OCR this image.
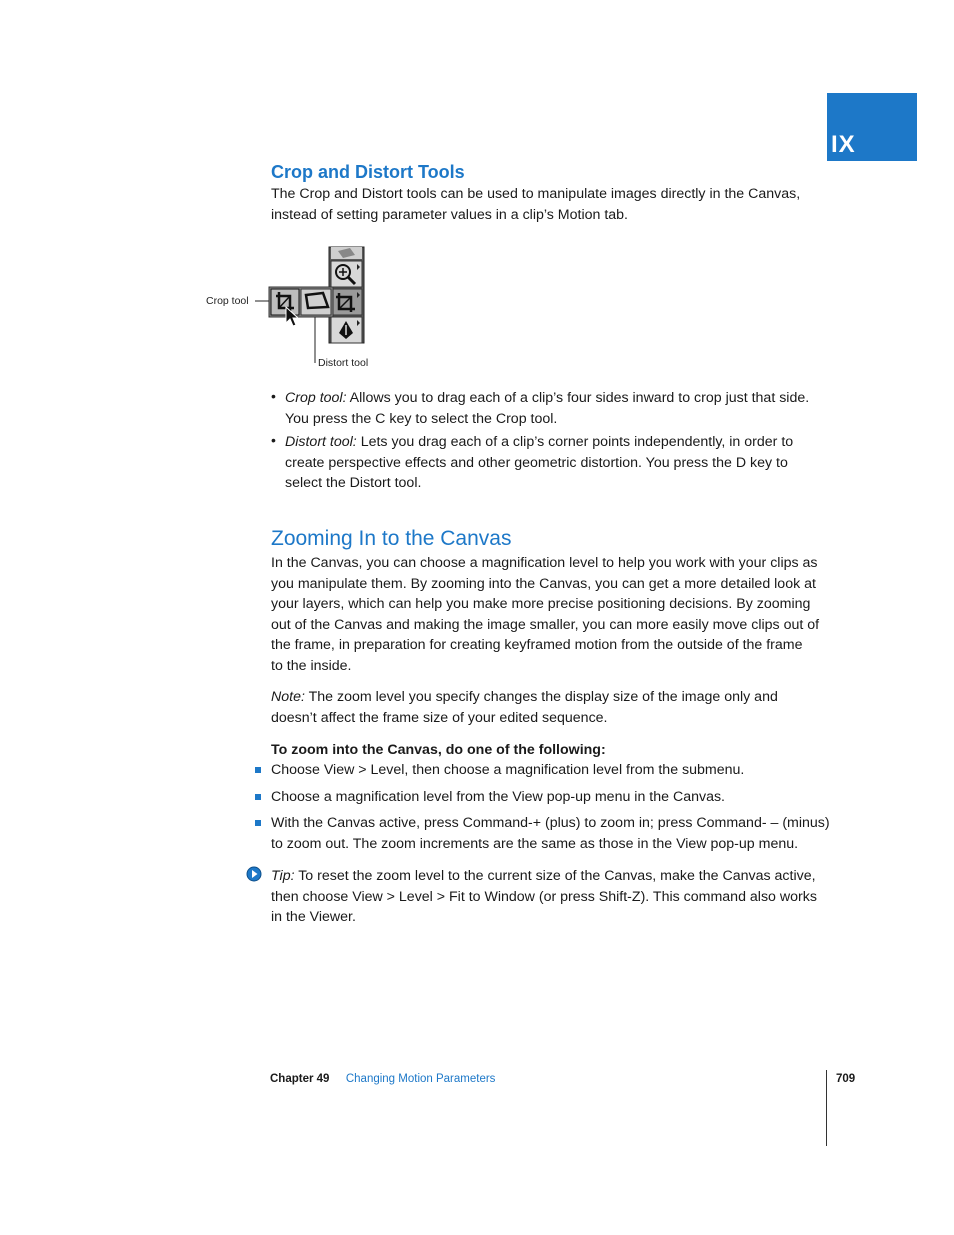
IX
Crop and Distort Tools
The Crop and Distort tools can be used to manipulate images directly in the Canvas,
instead of setting parameter values in a clip’s Motion tab.
Crop tool
Distort tool
• Crop tool: Allows you to drag each of a clip’s four sides inward to crop just that side.
You press the C key to select the Crop tool.
• Distort tool: Lets you drag each of a clip’s corner points independently, in order to
create perspective effects and other geometric distortion. You press the D key to
select the Distort tool.
Zooming In to the Canvas
In the Canvas, you can choose a magnification level to help you work with your clips as
you manipulate them. By zooming into the Canvas, you can get a more detailed look at
your layers, which can help you make more precise positioning decisions. By zooming
out of the Canvas and making the image smaller, you can more easily move clips out of
the frame, in preparation for creating keyframed motion from the outside of the frame
to the inside.
Note: The zoom level you specify changes the display size of the image only and
doesn’t affect the frame size of your edited sequence.
To zoom into the Canvas, do one of the following:
Choose View > Level, then choose a magnification level from the submenu.
Choose a magnification level from the View pop-up menu in the Canvas.
With the Canvas active, press Command-+ (plus) to zoom in; press Command- – (minus)
to zoom out. The zoom increments are the same as those in the View pop-up menu.
Tip: To reset the zoom level to the current size of the Canvas, make the Canvas active,
then choose View > Level > Fit to Window (or press Shift-Z). This command also works
in the Viewer.
Chapter 49 Changing Motion Parameters	709
